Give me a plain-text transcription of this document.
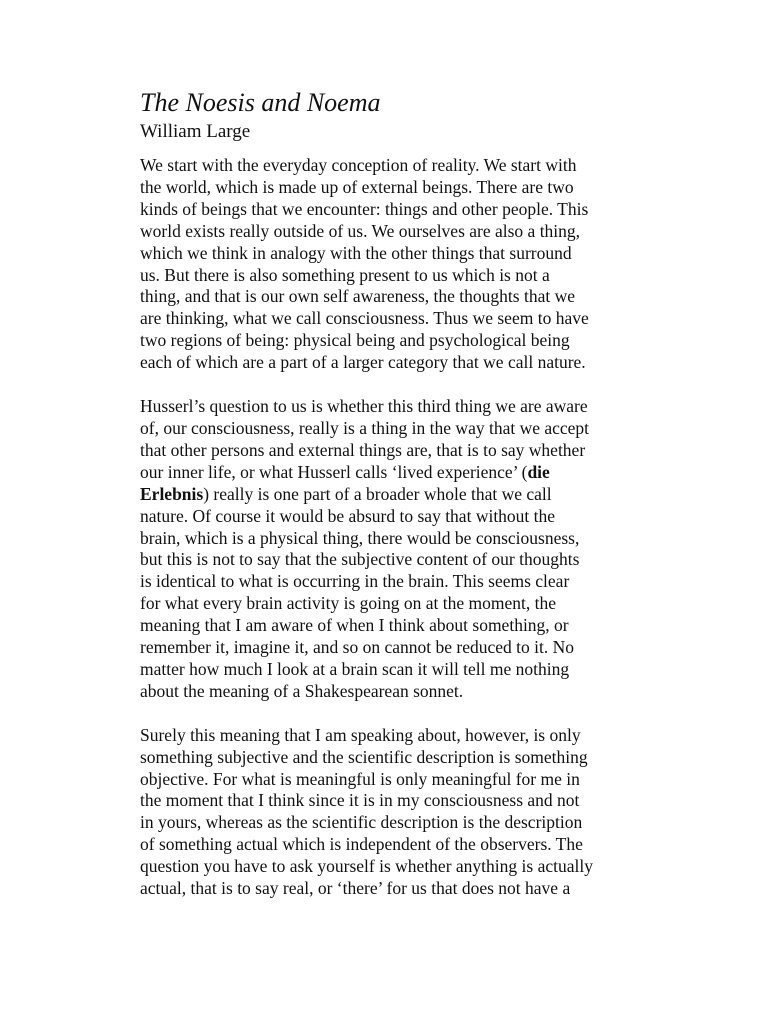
The Noesis and Noema

William Large

We start with the everyday conception of reality. We start with
the world, which is made up of external beings. There are two
kinds of beings that we encounter: things and other people. This
world exists really outside of us. We ourselves are also a thing,
which we think in analogy with the other things that surround
us. But there is also something present to us which is not a
thing, and that is our own self awareness, the thoughts that we
are thinking, what we call consciousness. Thus we seem to have
two regions of being: physical being and psychological being
each of which are a part of a larger category that we call nature.
Husserl’s question to us is whether this third thing we are aware
of, our consciousness, really is a thing in the way that we accept
that other persons and external things are, that is to say whether
our inner life, or what Husserl calls ‘lived experience’ (die
Erlebnis) really is one part of a broader whole that we call
nature. Of course it would be absurd to say that without the
brain, which is a physical thing, there would be consciousness,
but this is not to say that the subjective content of our thoughts
is identical to what is occurring in the brain. This seems clear
for what every brain activity is going on at the moment, the
meaning that I am aware of when I think about something, or
remember it, imagine it, and so on cannot be reduced to it. No
matter how much I look at a brain scan it will tell me nothing
about the meaning of a Shakespearean sonnet.
Surely this meaning that I am speaking about, however, is only
something subjective and the scientific description is something
objective. For what is meaningful is only meaningful for me in
the moment that I think since it is in my consciousness and not
in yours, whereas as the scientific description is the description
of something actual which is independent of the observers. The
question you have to ask yourself is whether anything is actually
actual, that is to say real, or ‘there’ for us that does not have a
